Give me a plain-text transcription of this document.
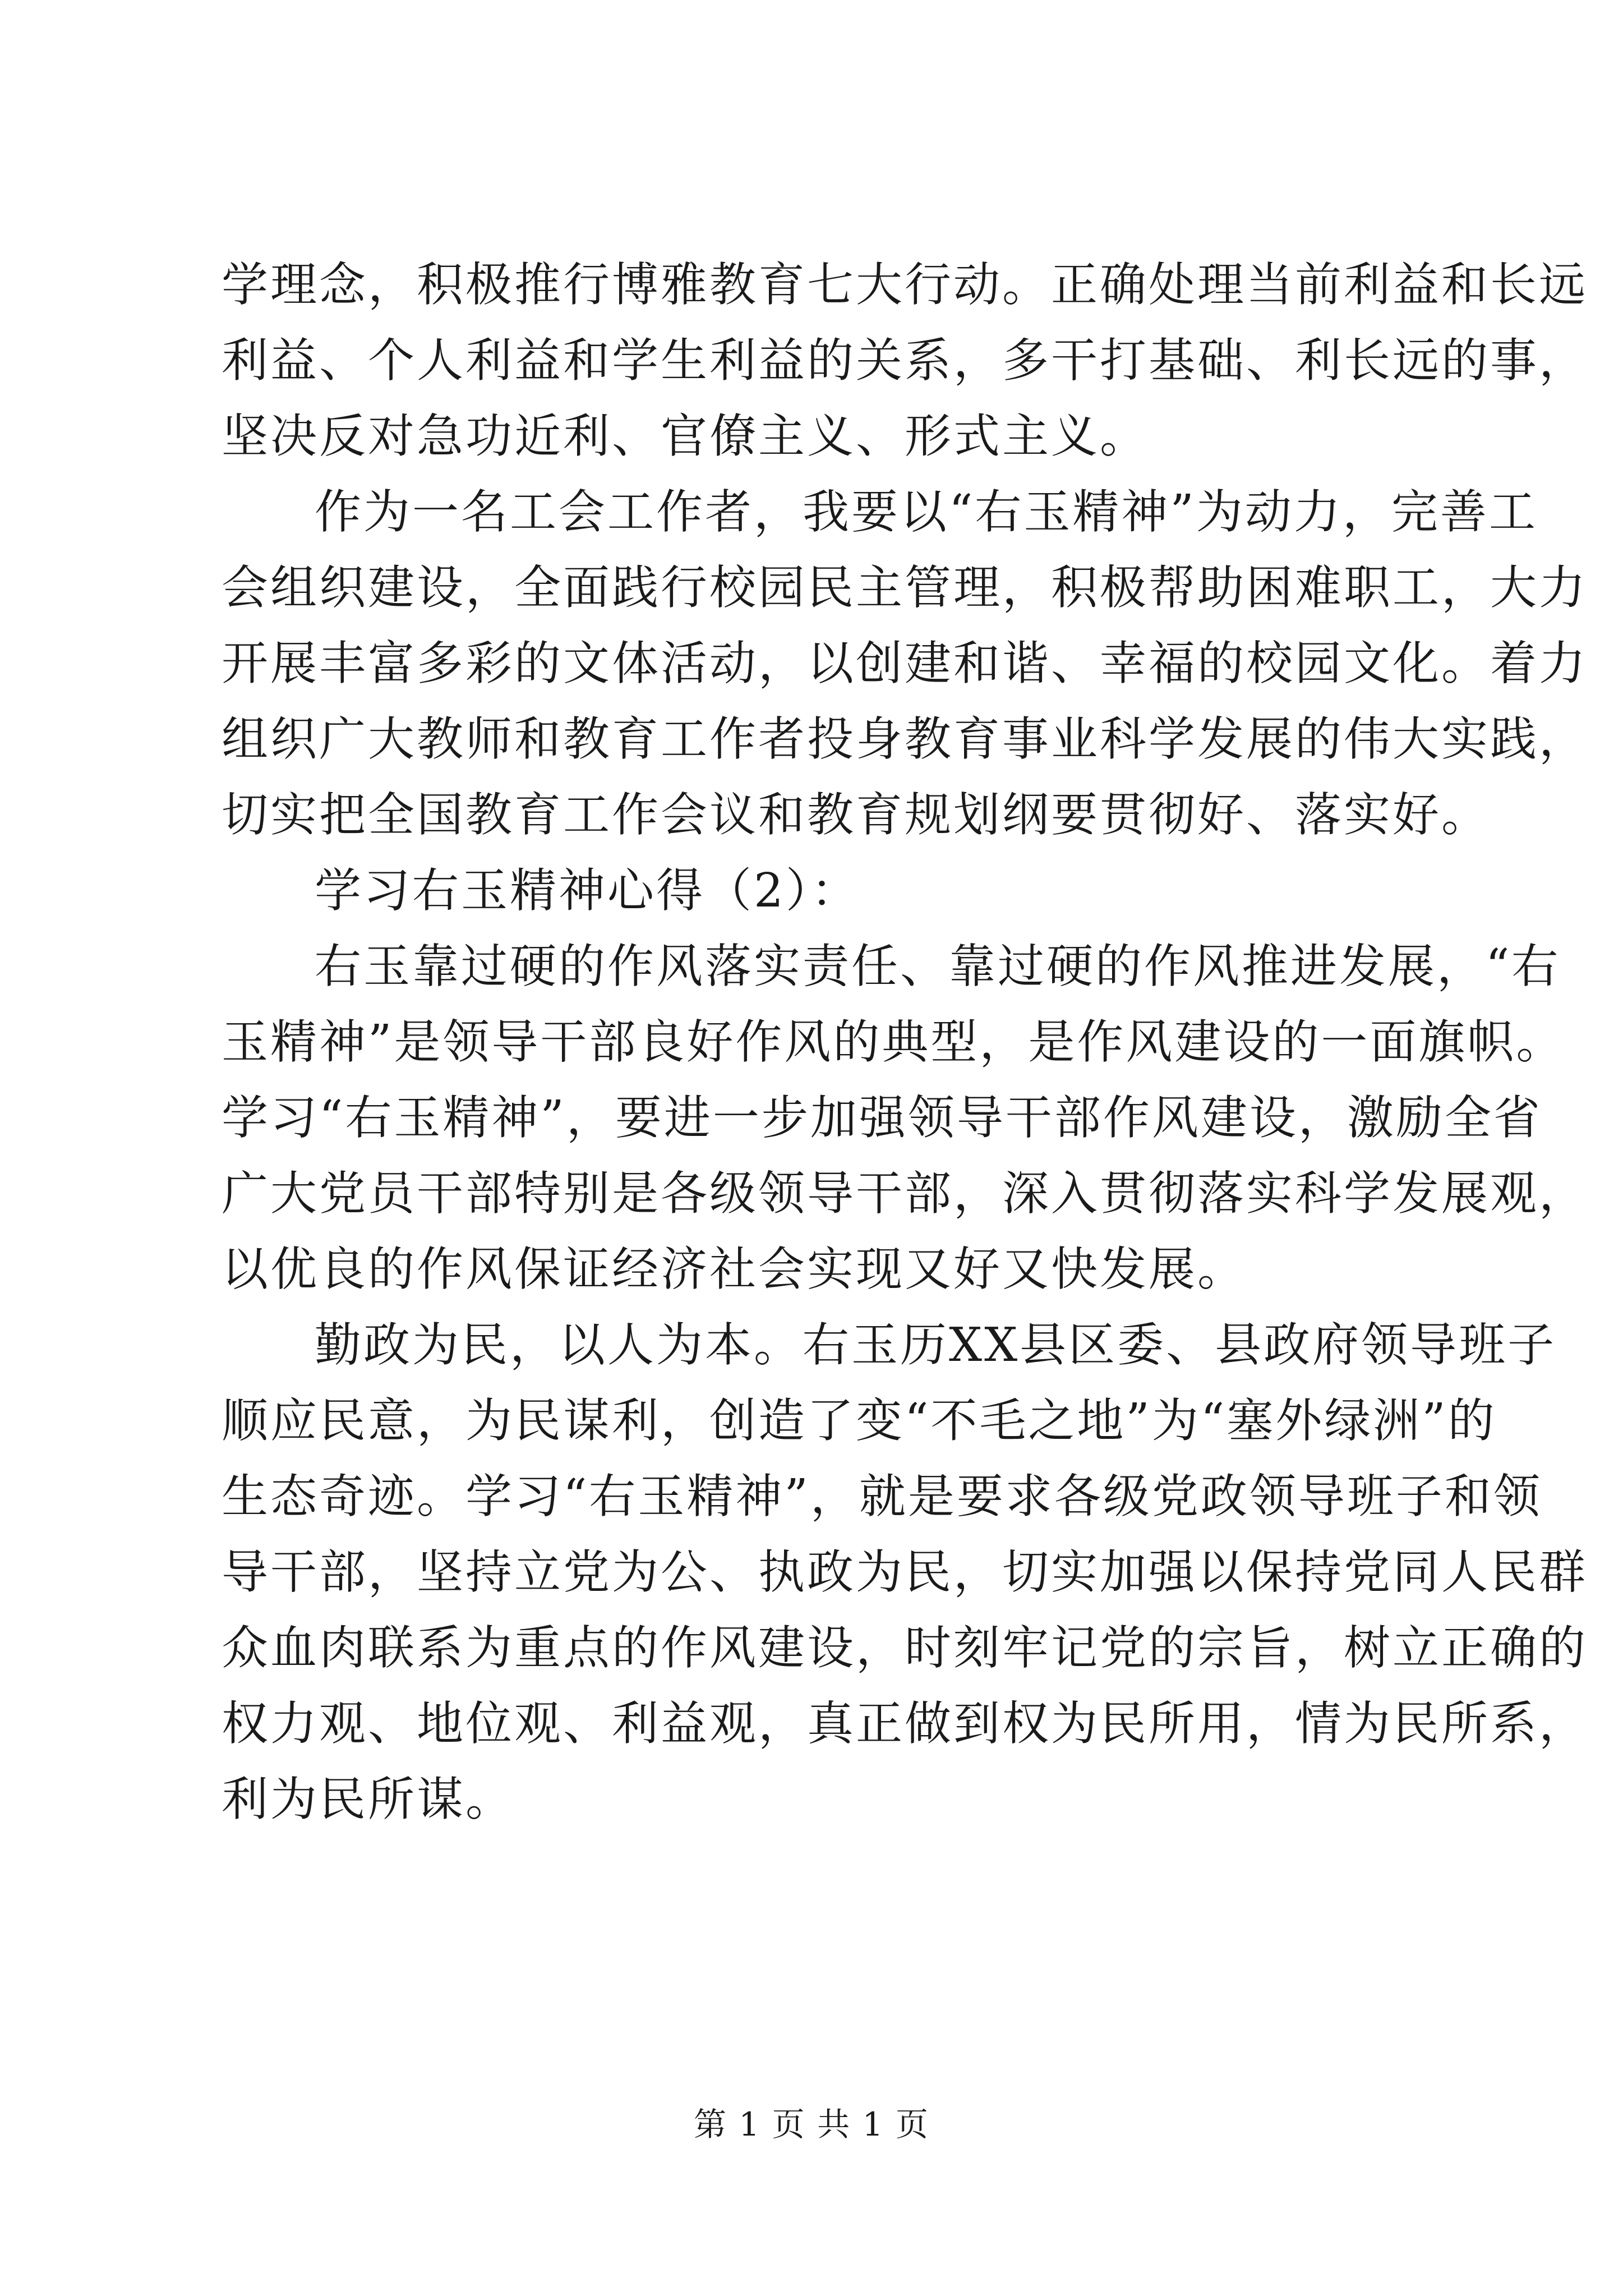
学理念，积极推行博雅教育七大行动。正确处理当前利益和长远
利益、个人利益和学生利益的关系，多干打基础、利长远的事，
坚决反对急功近利、官僚主义、形式主义。
作为一名工会工作者，我要以“右玉精神”为动力，完善工
会组织建设，全面践行校园民主管理，积极帮助困难职工，大力
开展丰富多彩的文体活动，以创建和谐、幸福的校园文化。着力
组织广大教师和教育工作者投身教育事业科学发展的伟大实践，
切实把全国教育工作会议和教育规划纲要贯彻好、落实好。
学习右玉精神心得（2）：
右玉靠过硬的作风落实责任、靠过硬的作风推进发展，“右
玉精神”是领导干部良好作风的典型，是作风建设的一面旗帜。
学习“右玉精神”，要进一步加强领导干部作风建设，激励全省
广大党员干部特别是各级领导干部，深入贯彻落实科学发展观，
以优良的作风保证经济社会实现又好又快发展。
勤政为民，以人为本。右玉历XX县区委、县政府领导班子
顺应民意，为民谋利，创造了变“不毛之地”为“塞外绿洲”的
生态奇迹。学习“右玉精神”，就是要求各级党政领导班子和领
导干部，坚持立党为公、执政为民，切实加强以保持党同人民群
众血肉联系为重点的作风建设，时刻牢记党的宗旨，树立正确的
权力观、地位观、利益观，真正做到权为民所用，情为民所系，
利为民所谋。
第 1 页 共 1 页
